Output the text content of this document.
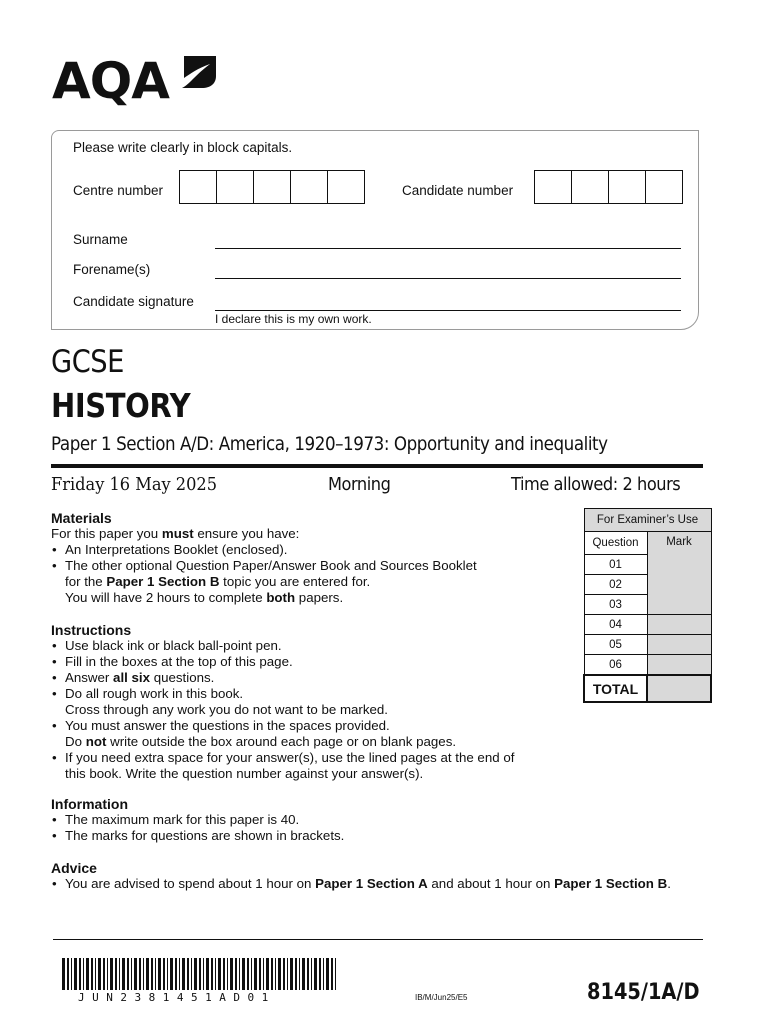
AQA
Please write clearly in block capitals.
Centre number	Candidate number
Surname
Forename(s)
Candidate signature
I declare this is my own work.
GCSE
HISTORY
Paper 1 Section A/D: America, 1920–1973: Opportunity and inequality
Friday 16 May 2025	Morning	Time allowed: 2 hours
Materials
For this paper you must ensure you have:
• An Interpretations Booklet (enclosed).
• The other optional Question Paper/Answer Book and Sources Booklet
for the Paper 1 Section B topic you are entered for.
You will have 2 hours to complete both papers.
Instructions
• Use black ink or black ball-point pen.
• Fill in the boxes at the top of this page.
• Answer all six questions.
• Do all rough work in this book.
Cross through any work you do not want to be marked.
• You must answer the questions in the spaces provided.
Do not write outside the box around each page or on blank pages.
• If you need extra space for your answer(s), use the lined pages at the end of
this book. Write the question number against your answer(s).
Information
• The maximum mark for this paper is 40.
• The marks for questions are shown in brackets.
Advice
• You are advised to spend about 1 hour on Paper 1 Section A and about 1 hour on Paper 1 Section B.
For Examiner’s Use	
Question	Mark
01	
02	
03	
04	
05	
06	
TOTAL	
JUN2381451AD01	IB/M/Jun25/E5	8145/1A/D
